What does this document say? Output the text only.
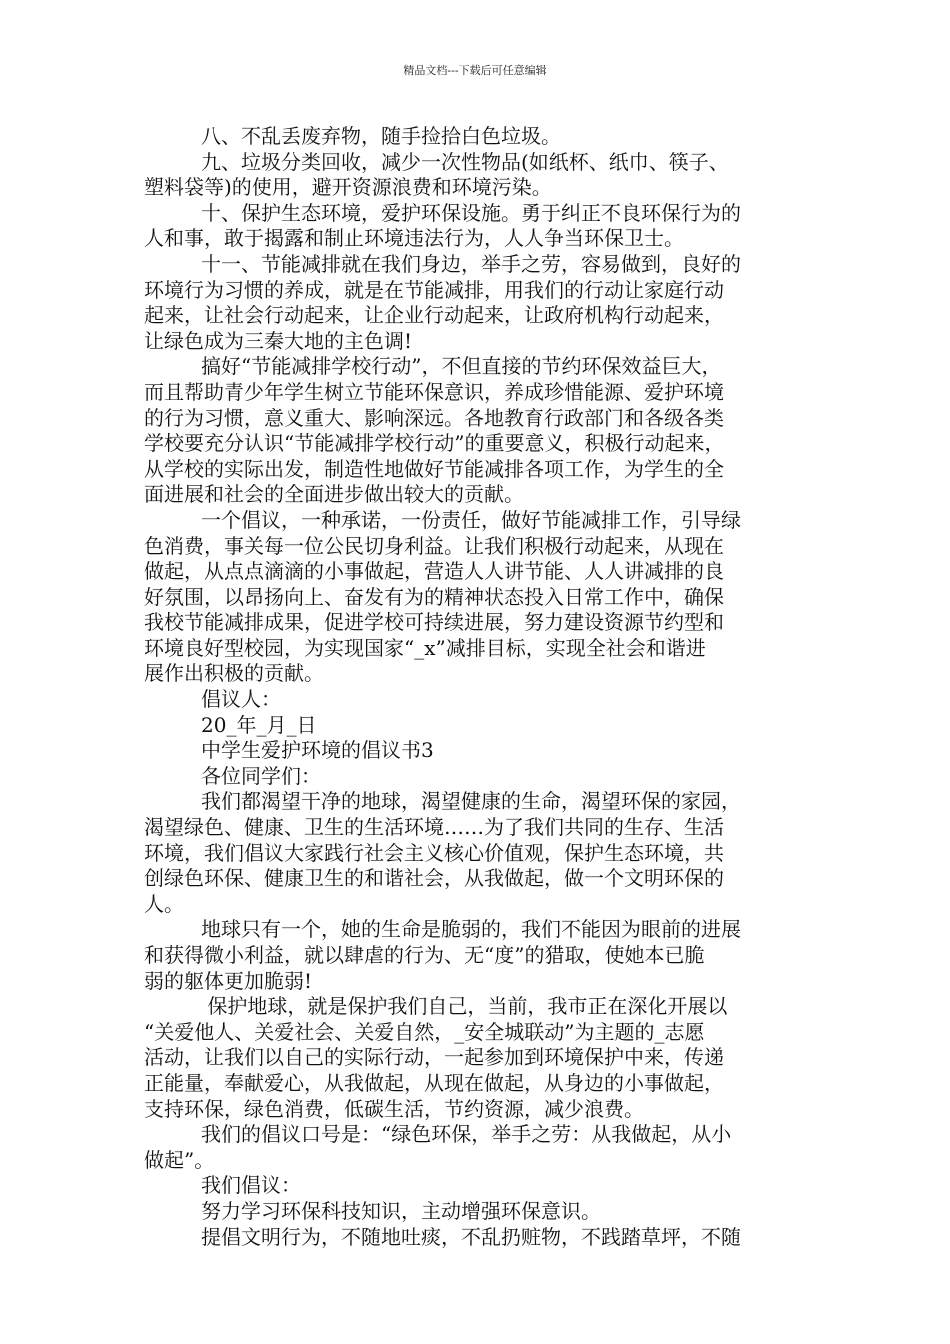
精品文档---下载后可任意编辑

八、不乱丢废弃物，随手捡拾白色垃圾。

九、垃圾分类回收，减少一次性物品(如纸杯、纸巾、筷子、

塑料袋等)的使用，避开资源浪费和环境污染。

十、保护生态环境，爱护环保设施。勇于纠正不良环保行为的

人和事，敢于揭露和制止环境违法行为，人人争当环保卫士。

十一、节能减排就在我们身边，举手之劳，容易做到，良好的

环境行为习惯的养成，就是在节能减排，用我们的行动让家庭行动

起来，让社会行动起来，让企业行动起来，让政府机构行动起来，

让绿色成为三秦大地的主色调!

搞好“节能减排学校行动”，不但直接的节约环保效益巨大，

而且帮助青少年学生树立节能环保意识，养成珍惜能源、爱护环境

的行为习惯，意义重大、影响深远。各地教育行政部门和各级各类

学校要充分认识“节能减排学校行动”的重要意义，积极行动起来，

从学校的实际出发，制造性地做好节能减排各项工作，为学生的全

面进展和社会的全面进步做出较大的贡献。

一个倡议，一种承诺，一份责任，做好节能减排工作，引导绿

色消费，事关每一位公民切身利益。让我们积极行动起来，从现在

做起，从点点滴滴的小事做起，营造人人讲节能、人人讲减排的良

好氛围，以昂扬向上、奋发有为的精神状态投入日常工作中，确保

我校节能减排成果，促进学校可持续进展，努力建设资源节约型和

环境良好型校园，为实现国家“_x”减排目标，实现全社会和谐进

展作出积极的贡献。

倡议人：

20_年_月_日

中学生爱护环境的倡议书3

各位同学们：

我们都渴望干净的地球，渴望健康的生命，渴望环保的家园，

渴望绿色、健康、卫生的生活环境……为了我们共同的生存、生活

环境，我们倡议大家践行社会主义核心价值观，保护生态环境，共

创绿色环保、健康卫生的和谐社会，从我做起，做一个文明环保的

人。

地球只有一个，她的生命是脆弱的，我们不能因为眼前的进展

和获得微小利益，就以肆虐的行为、无“度”的猎取，使她本已脆

弱的躯体更加脆弱!

保护地球，就是保护我们自己，当前，我市正在深化开展以

“关爱他人、关爱社会、关爱自然，_安全城联动”为主题的_志愿

活动，让我们以自己的实际行动，一起参加到环境保护中来，传递

正能量，奉献爱心，从我做起，从现在做起，从身边的小事做起，

支持环保，绿色消费，低碳生活，节约资源，减少浪费。

我们的倡议口号是：“绿色环保，举手之劳：从我做起，从小

做起”。

我们倡议：

努力学习环保科技知识，主动增强环保意识。

提倡文明行为，不随地吐痰，不乱扔赃物，不践踏草坪，不随
